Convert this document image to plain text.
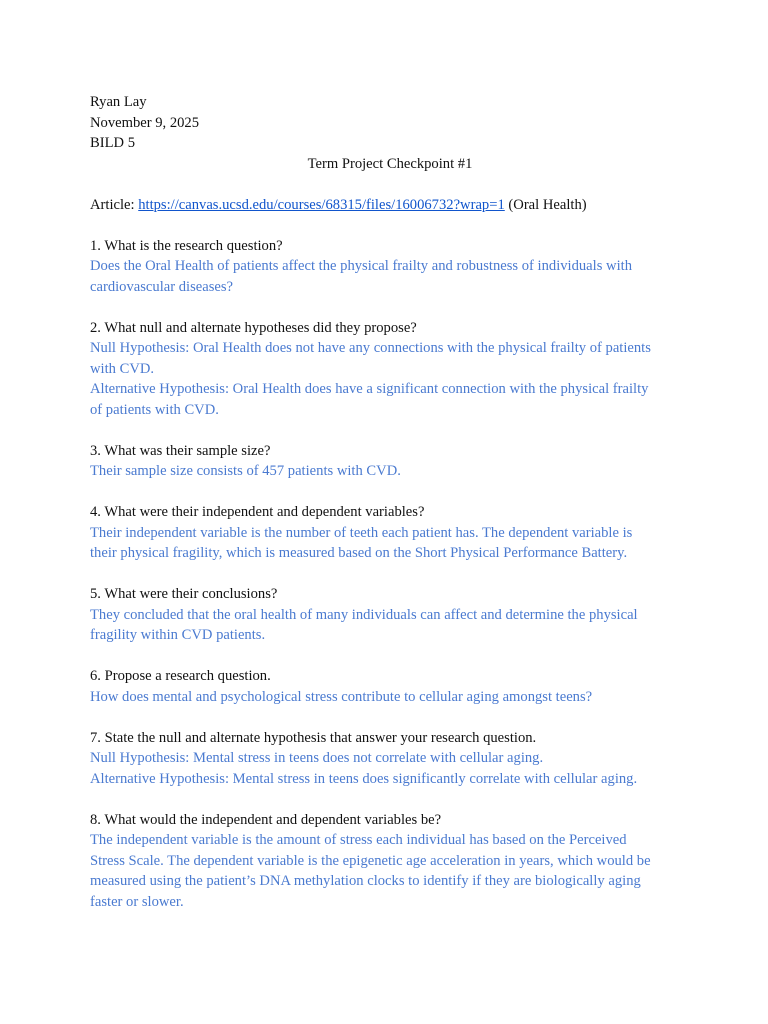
Ryan Lay
November 9, 2025
BILD 5
Term Project Checkpoint #1
Article: https://canvas.ucsd.edu/courses/68315/files/16006732?wrap=1 (Oral Health)
1. What is the research question?
Does the Oral Health of patients affect the physical frailty and robustness of individuals with
cardiovascular diseases?
2. What null and alternate hypotheses did they propose?
Null Hypothesis: Oral Health does not have any connections with the physical frailty of patients
with CVD.
Alternative Hypothesis: Oral Health does have a significant connection with the physical frailty
of patients with CVD.
3. What was their sample size?
Their sample size consists of 457 patients with CVD.
4. What were their independent and dependent variables?
Their independent variable is the number of teeth each patient has. The dependent variable is
their physical fragility, which is measured based on the Short Physical Performance Battery.
5. What were their conclusions?
They concluded that the oral health of many individuals can affect and determine the physical
fragility within CVD patients.
6. Propose a research question.
How does mental and psychological stress contribute to cellular aging amongst teens?
7. State the null and alternate hypothesis that answer your research question.
Null Hypothesis: Mental stress in teens does not correlate with cellular aging.
Alternative Hypothesis: Mental stress in teens does significantly correlate with cellular aging.
8. What would the independent and dependent variables be?
The independent variable is the amount of stress each individual has based on the Perceived
Stress Scale. The dependent variable is the epigenetic age acceleration in years, which would be
measured using the patient’s DNA methylation clocks to identify if they are biologically aging
faster or slower.
